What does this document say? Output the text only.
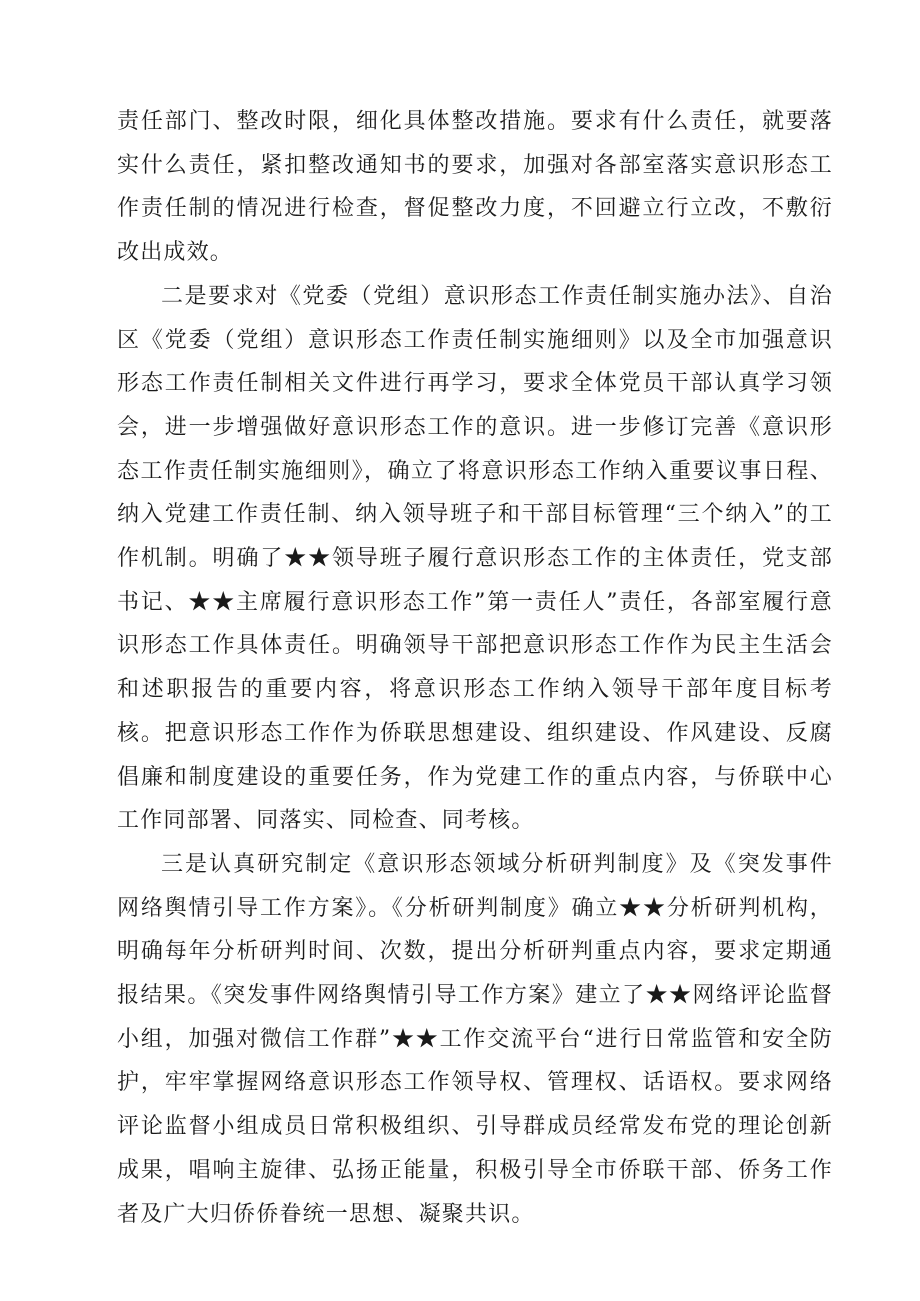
责任部门、整改时限，细化具体整改措施。要求有什么责任，就要落实什么责任，紧扣整改通知书的要求，加强对各部室落实意识形态工作责任制的情况进行检查，督促整改力度，不回避立行立改，不敷衍改出成效。

二是要求对《党委（党组）意识形态工作责任制实施办法》、自治区《党委（党组）意识形态工作责任制实施细则》以及全市加强意识形态工作责任制相关文件进行再学习，要求全体党员干部认真学习领会，进一步增强做好意识形态工作的意识。进一步修订完善《意识形态工作责任制实施细则》，确立了将意识形态工作纳入重要议事日程、纳入党建工作责任制、纳入领导班子和干部目标管理“三个纳入”的工作机制。明确了★★领导班子履行意识形态工作的主体责任，党支部书记、★★主席履行意识形态工作”第一责任人”责任，各部室履行意识形态工作具体责任。明确领导干部把意识形态工作作为民主生活会和述职报告的重要内容，将意识形态工作纳入领导干部年度目标考核。把意识形态工作作为侨联思想建设、组织建设、作风建设、反腐倡廉和制度建设的重要任务，作为党建工作的重点内容，与侨联中心工作同部署、同落实、同检查、同考核。

三是认真研究制定《意识形态领域分析研判制度》及《突发事件网络舆情引导工作方案》。《分析研判制度》确立★★分析研判机构，明确每年分析研判时间、次数，提出分析研判重点内容，要求定期通报结果。《突发事件网络舆情引导工作方案》建立了★★网络评论监督小组，加强对微信工作群”★★工作交流平台“进行日常监管和安全防护，牢牢掌握网络意识形态工作领导权、管理权、话语权。要求网络评论监督小组成员日常积极组织、引导群成员经常发布党的理论创新成果，唱响主旋律、弘扬正能量，积极引导全市侨联干部、侨务工作者及广大归侨侨眷统一思想、凝聚共识。
